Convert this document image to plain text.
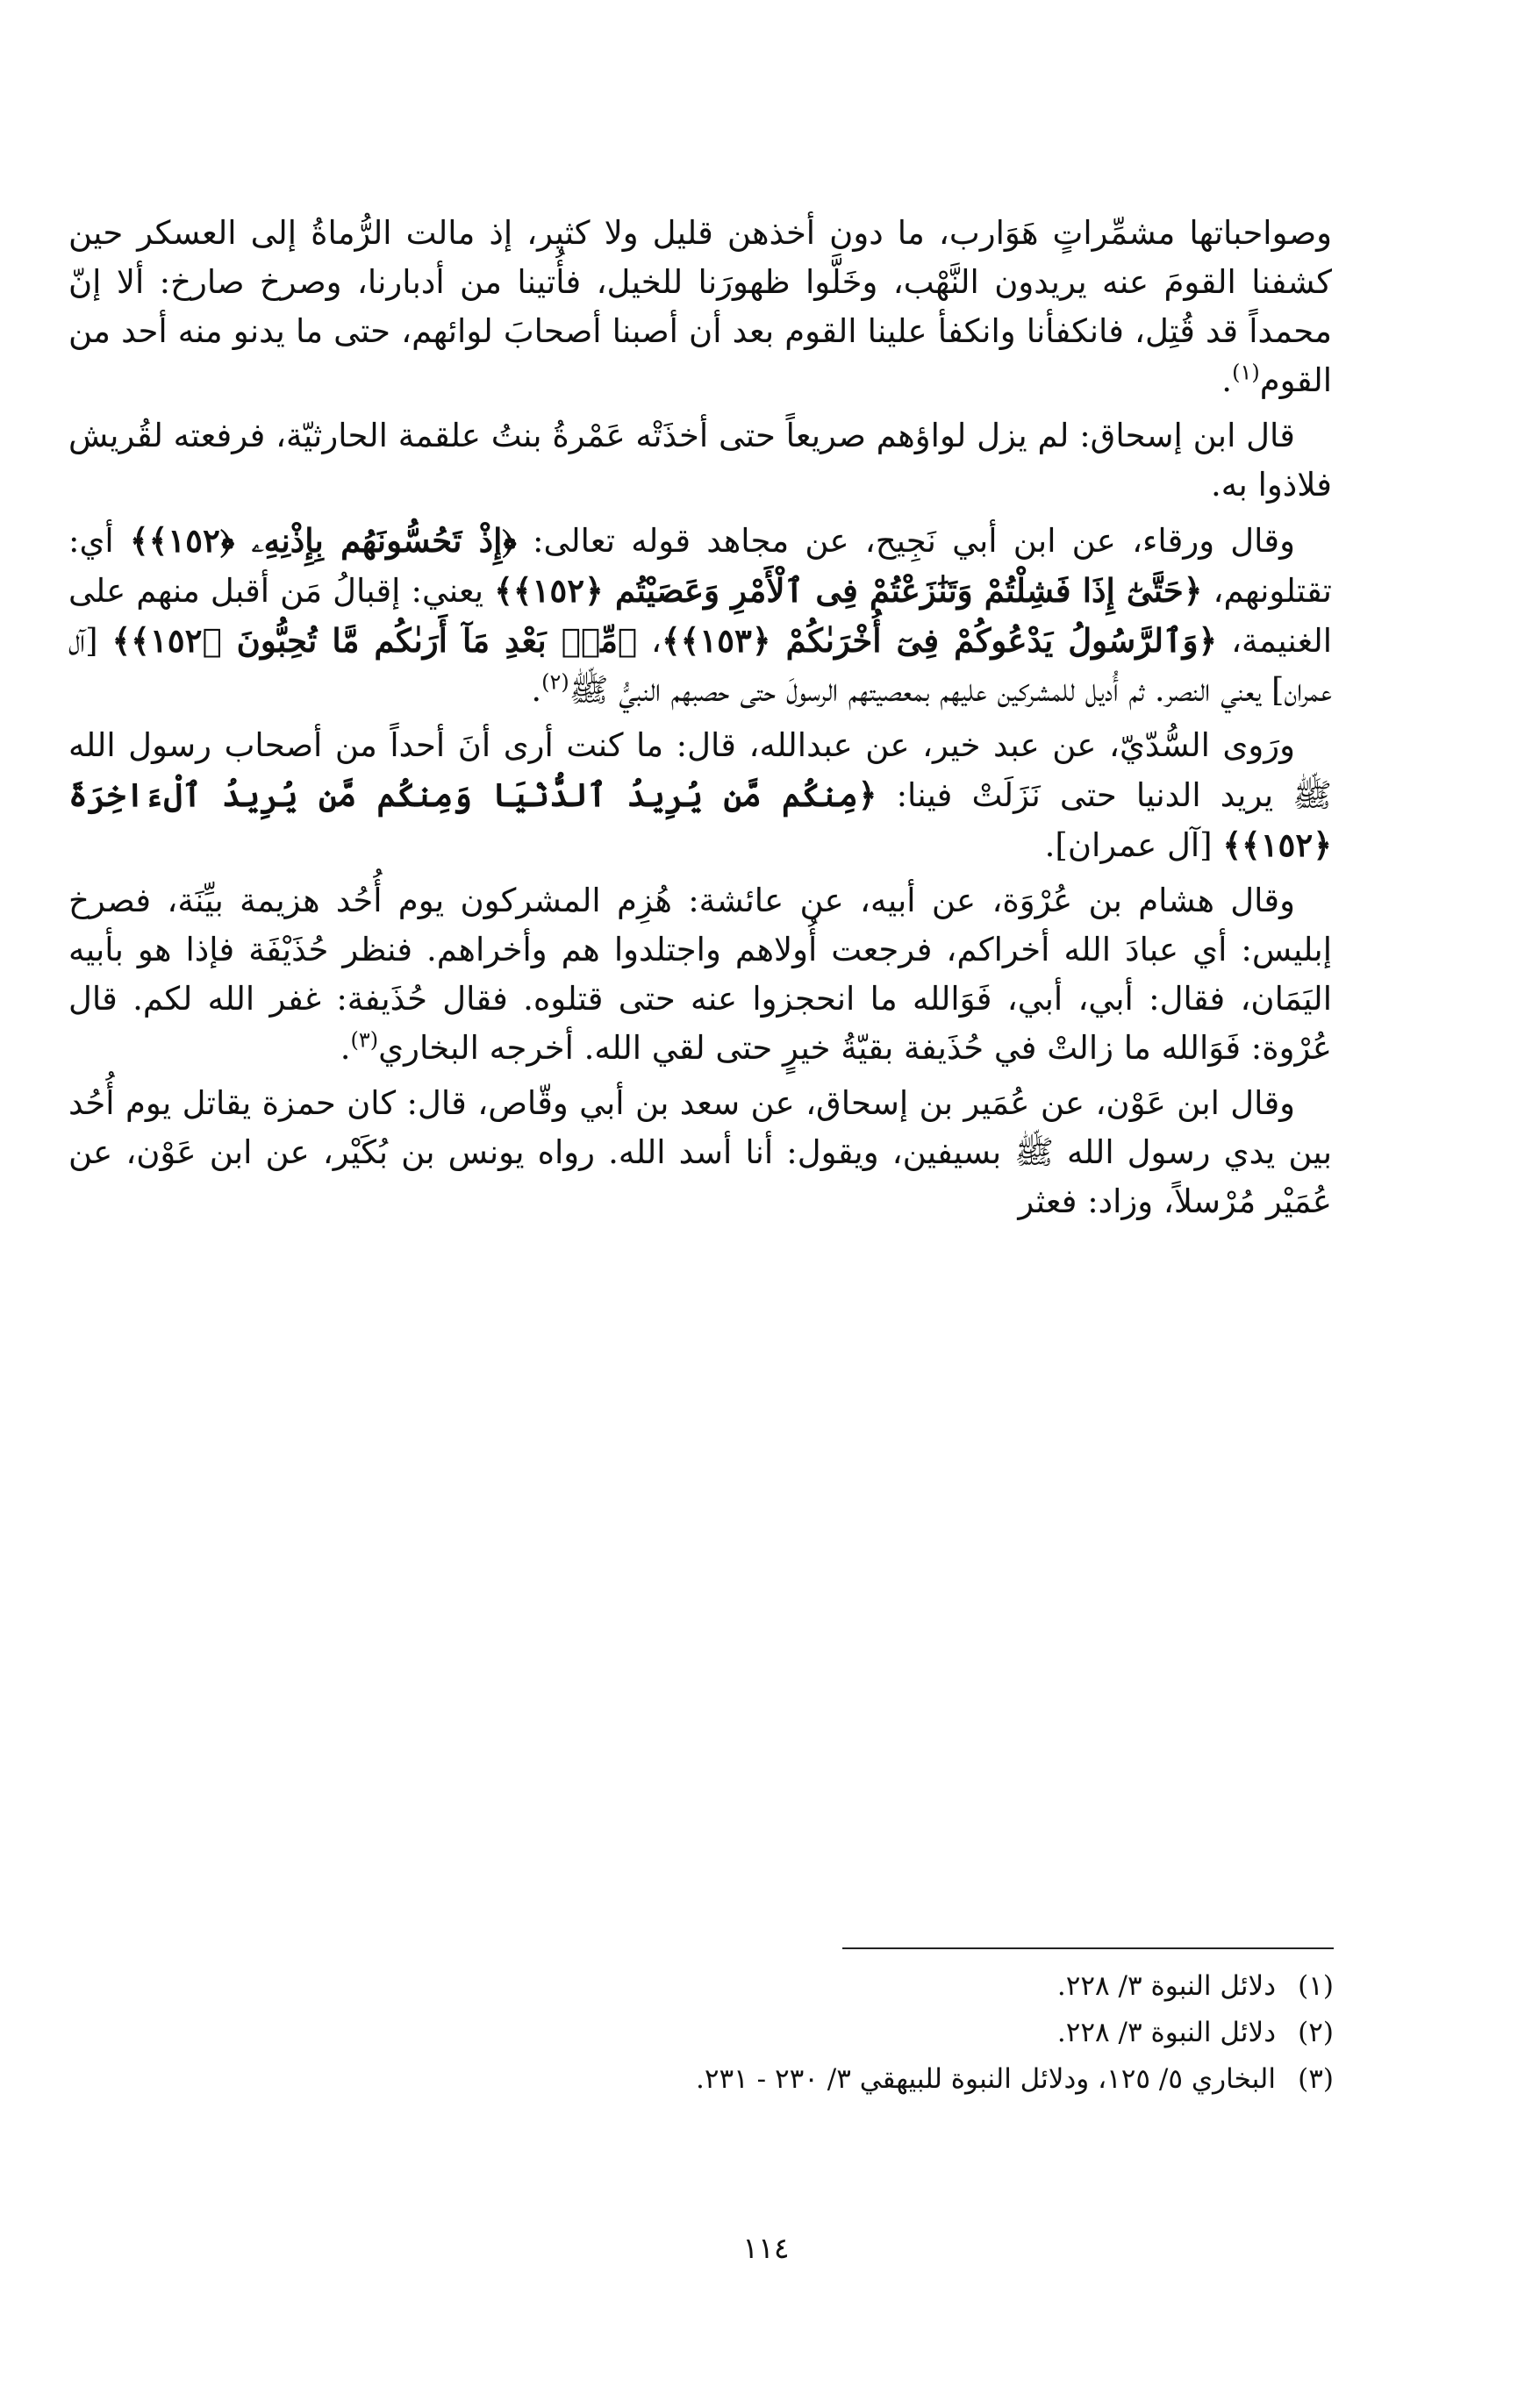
وصواحباتها مشمِّراتٍ هَوَارب، ما دون أخذهن قليل ولا كثير، إذ مالت الرُّماةُ إلى العسكر حين كشفنا القومَ عنه يريدون النَّهْب، وخَلَّوا ظهورَنا للخيل، فأُتينا من أدبارنا، وصرخ صارخ: ألا إنّ محمداً قد قُتِل، فانكفأنا وانكفأ علينا القوم بعد أن أصبنا أصحابَ لوائهم، حتى ما يدنو منه أحد من القوم$^{(١)}$.

قال ابن إسحاق: لم يزل لواؤهم صريعاً حتى أخذَتْه عَمْرةُ بنتُ علقمة الحارثيّة، فرفعته لقُريش فلاذوا به.

وقال ورقاء، عن ابن أبي نَجِيح، عن مجاهد قوله تعالى: ﴿إِذْ تَحُسُّونَهُم بِإِذْنِهِۦ ﴿١٥٢﴾﴾ أي: تقتلونهم، ﴿حَتَّىٰٓ إِذَا فَشِلْتُمْ وَتَنَٰزَعْتُمْ فِى ٱلْأَمْرِ وَعَصَيْتُم ﴿١٥٢﴾﴾ يعني: إقبالُ مَن أقبل منهم على الغنيمة، ﴿وَٱلرَّسُولُ يَدْعُوكُمْ فِىٓ أُخْرَىٰكُمْ ﴿١٥٣﴾﴾، ﴿مِّنۢ بَعْدِ مَآ أَرَىٰكُم مَّا تُحِبُّونَ ﴿١٥٢﴾﴾ [آل عمران] يعني النصر. ثم أُديل للمشركين عليهم بمعصيتهم الرسولَ حتى حصبهم النبيُّ ﷺ$^{(٢)}$.

ورَوى السُّدّيّ، عن عبد خير، عن عبدالله، قال: ما كنت أرى أنَ أحداً من أصحاب رسول الله ﷺ يريد الدنيا حتى نَزَلَتْ فينا: ﴿مِنكُم مَّن يُرِيدُ ٱلدُّنْيَا وَمِنكُم مَّن يُرِيدُ ٱلْءَاخِرَةَ ﴿١٥٢﴾﴾ [آل عمران].

وقال هشام بن عُرْوَة، عن أبيه، عن عائشة: هُزِم المشركون يوم أُحُد هزيمة بيِّنَة، فصرخ إبليس: أي عبادَ الله أخراكم، فرجعت أُولاهم واجتلدوا هم وأخراهم. فنظر حُذَيْفَة فإذا هو بأبيه اليَمَان، فقال: أبي، أبي، فَوَالله ما انحجزوا عنه حتى قتلوه. فقال حُذَيفة: غفر الله لكم. قال عُرْوة: فَوَالله ما زالتْ في حُذَيفة بقيّةُ خيرٍ حتى لقي الله. أخرجه البخاري$^{(٣)}$.

وقال ابن عَوْن، عن عُمَير بن إسحاق، عن سعد بن أبي وقّاص، قال: كان حمزة يقاتل يوم أُحُد بين يدي رسول الله ﷺ بسيفين، ويقول: أنا أسد الله. رواه يونس بن بُكَيْر، عن ابن عَوْن، عن عُمَيْر مُرْسلاً، وزاد: فعثر

(١)دلائل النبوة ٣/ ٢٢٨.

(٢)دلائل النبوة ٣/ ٢٢٨.

(٣)البخاري ٥/ ١٢٥، ودلائل النبوة للبيهقي ٣/ ٢٣٠ - ٢٣١.

١١٤
